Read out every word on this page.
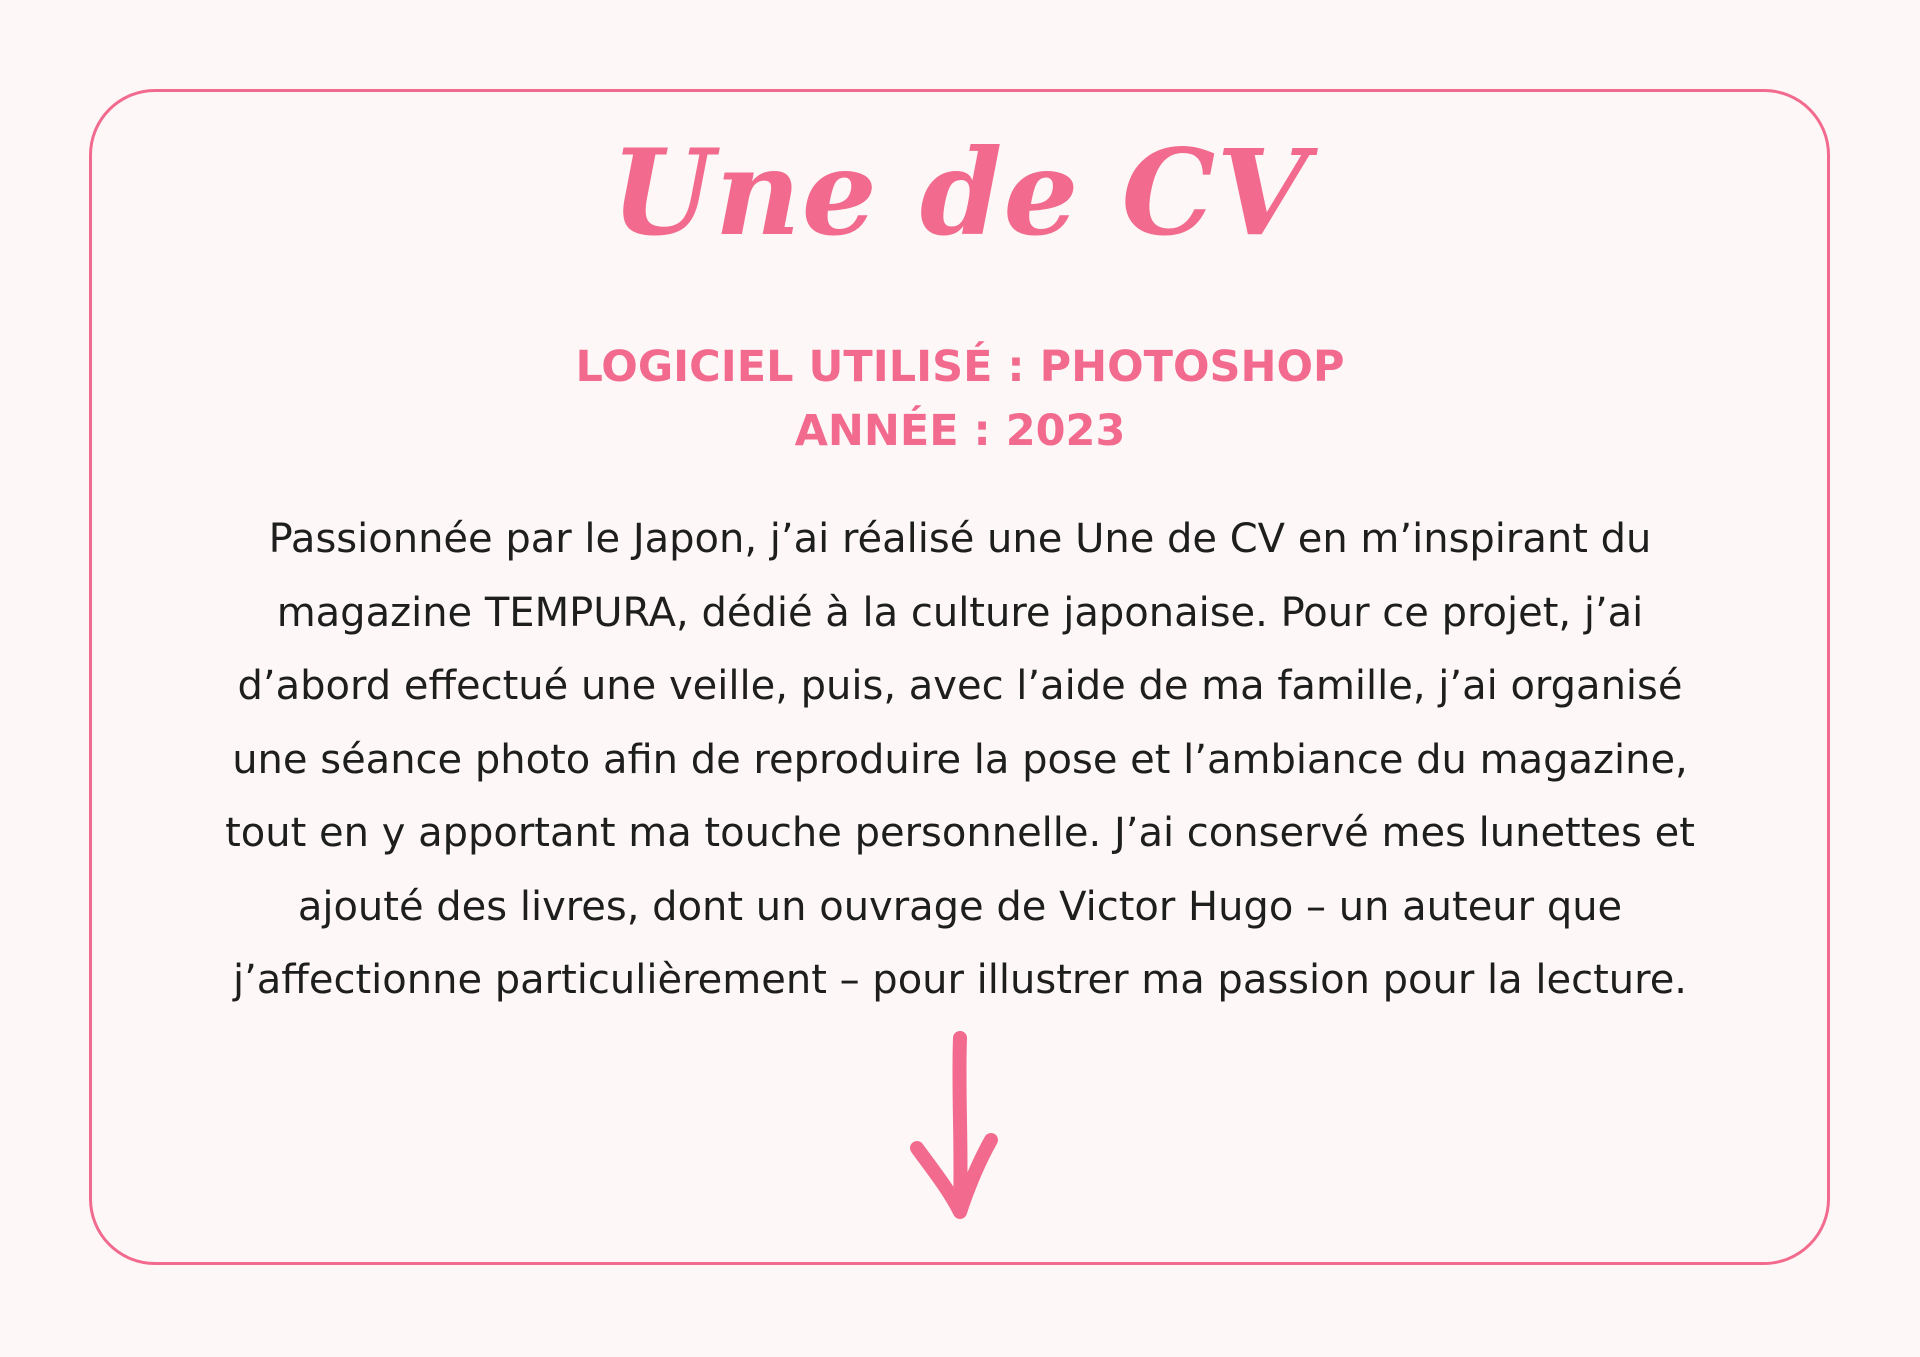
Une de CV
LOGICIEL UTILISÉ : PHOTOSHOP
ANNÉE : 2023

Passionnée par le Japon, j’ai réalisé une Une de CV en m’inspirant du magazine TEMPURA, dédié à la culture japonaise. Pour ce projet, j’ai d’abord effectué une veille, puis, avec l’aide de ma famille, j’ai organisé une séance photo afin de reproduire la pose et l’ambiance du magazine, tout en y apportant ma touche personnelle. J’ai conservé mes lunettes et ajouté des livres, dont un ouvrage de Victor Hugo – un auteur que j’affectionne particulièrement – pour illustrer ma passion pour la lecture.
